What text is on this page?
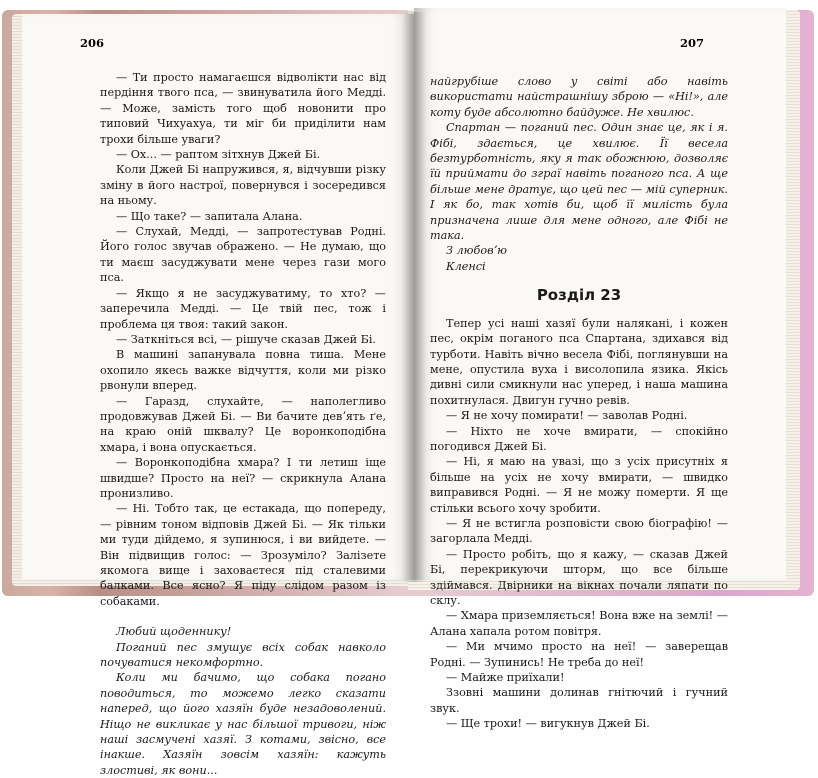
206	207

— Ти просто намагаєшся відволікти нас від пердіння твого пса, — звинуватила його Медді. — Може, замість того щоб новонити про типовий Чихуахуа, ти міг би приділити нам трохи більше уваги?

— Ох... — раптом зітхнув Джей Бі.

Коли Джей Бі напружився, я, відчувши різку зміну в його настрої, повернувся і зосередився на ньому.

— Що таке? — запитала Алана.

— Слухай, Медді, — запротестував Родні. Його голос звучав ображено. — Не думаю, що ти маєш засуджувати мене через гази мого пса.

— Якщо я не засуджуватиму, то хто? — заперечила Медді. — Це твій пес, тож і проблема ця твоя: такий закон.

— Заткніться всі, — рішуче сказав Джей Бі.

В машині запанувала повна тиша. Мене охопило якесь важке відчуття, коли ми різко рвонули вперед.

— Гаразд, слухайте, — наполегливо продовжував Джей Бі. — Ви бачите девʼять ґе, на краю оній шквалу? Це воронкоподібна хмара, і вона опускається.

— Воронкоподібна хмара? І ти летиш іще швидше? Просто на неї? — скрикнула Алана пронизливо.

— Ні. Тобто так, це естакада, що попереду, — рівним тоном відповів Джей Бі. — Як тільки ми туди дійдемо, я зупинюся, і ви вийдете. — Він підвищив голос: — Зрозуміло? Залізете якомога вище і заховаєтеся під сталевими балками. Все ясно? Я піду слідом разом із собаками.

Любий щоденнику!

Поганий пес змушує всіх собак навколо почуватися некомфортно.

Коли ми бачимо, що собака погано поводиться, то можемо легко сказати наперед, що його хазяїн буде незадоволений. Ніщо не викликає у нас більшої тривоги, ніж наші засмучені хазяї. З котами, звісно, все інакше. Хазяїн зовсім хазяїн: кажуть злостиві, як вони...

найгрубіше слово у світі або навіть використати найстрашнішу зброю — «Ні!», але коту буде абсолютно байдуже. Не хвилюс.

Спартан — поганий пес. Один знає це, як і я. Фібі, здається, це хвилює. Її весела безтурботність, яку я так обожнюю, дозволяє їй приймати до зграї навіть поганого пса. А ще більше мене дратує, що цей пес — мій суперник. І як бо, так хотів би, щоб її милість була призначена лише для мене одного, але Фібі не така.

З любовʼю

Кленсі

Розділ 23

Тепер усі наші хазяї були налякані, і кожен пес, окрім поганого пса Спартана, здихався від турботи. Навіть вічно весела Фібі, поглянувши на мене, опустила вуха і висолопила язика. Якісь дивні сили смикнули нас уперед, і наша машина похитнулася. Двигун гучно ревів.

— Я не хочу помирати! — заволав Родні.

— Ніхто не хоче вмирати, — спокійно погодився Джей Бі.

— Ні, я маю на увазі, що з усіх присутніх я більше на усіх не хочу вмирати, — швидко виправився Родні. — Я не можу померти. Я ще стільки всього хочу зробити.

— Я не встигла розповісти свою біографію! — загорлала Медді.

— Просто робіть, що я кажу, — сказав Джей Бі, перекрикуючи шторм, що все більше здіймався. Двірники на вікнах почали ляпати по склу.

— Хмара приземляється! Вона вже на землі! — Алана хапала ротом повітря.

— Ми мчимо просто на неї! — заверещав Родні. — Зупинись! Не треба до неї!

— Майже приїхали!

Ззовні машини долинав гнітючий і гучний звук.

— Ще трохи! — вигукнув Джей Бі.
